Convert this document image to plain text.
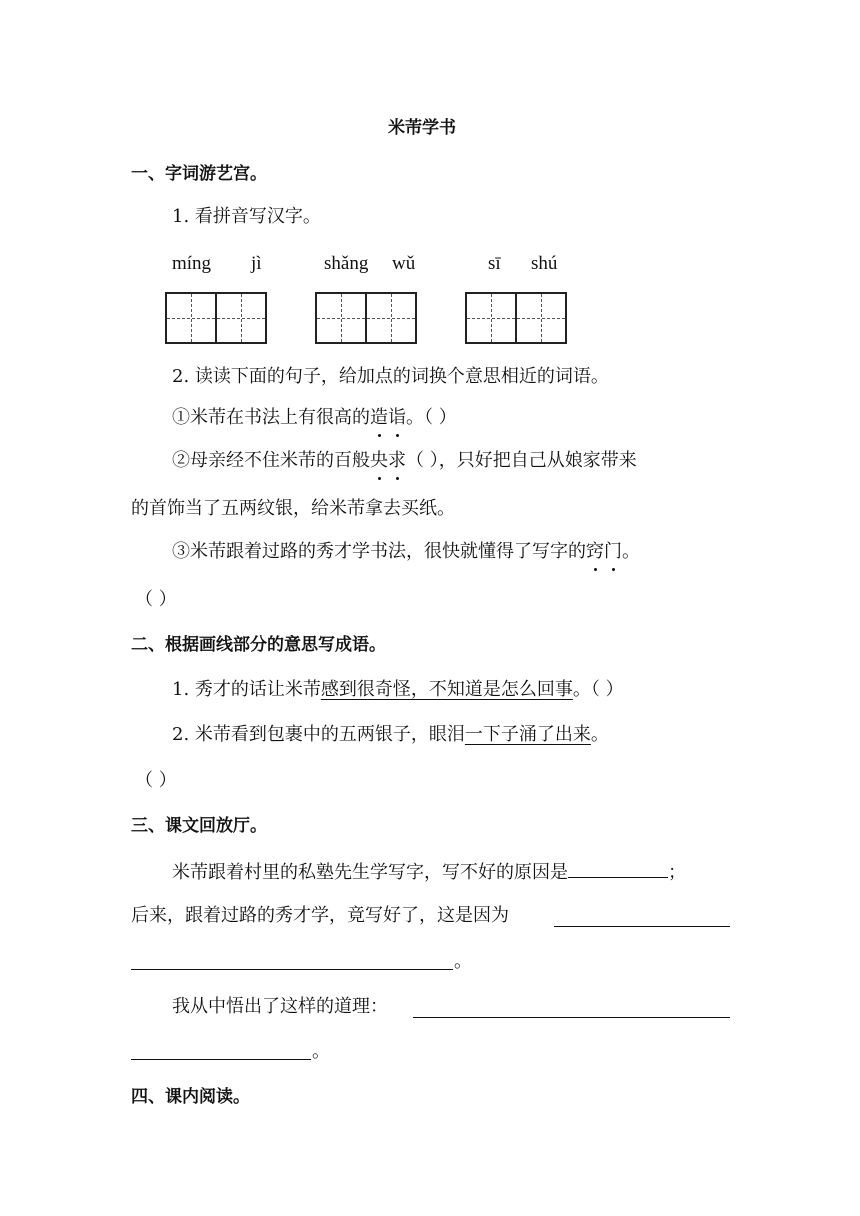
米芾学书
一、字词游艺宫。
1. 看拼音写汉字。
míng jì	shǎng wǔ	sī shú
2. 读读下面的句子，给加点的词换个意思相近的词语。
①米芾在书法上有很高的造诣。（ ）
②母亲经不住米芾的百般央求（ ），只好把自己从娘家带来
的首饰当了五两纹银，给米芾拿去买纸。
③米芾跟着过路的秀才学书法，很快就懂得了写字的窍门。
（ ）
二、根据画线部分的意思写成语。
1. 秀才的话让米芾感到很奇怪，不知道是怎么回事。（ ）
2. 米芾看到包裹中的五两银子，眼泪一下子涌了出来。
（ ）
三、课文回放厅。
米芾跟着村里的私塾先生学写字，写不好的原因是	；
后来，跟着过路的秀才学，竟写好了，这是因为
。
我从中悟出了这样的道理：
。
四、课内阅读。
